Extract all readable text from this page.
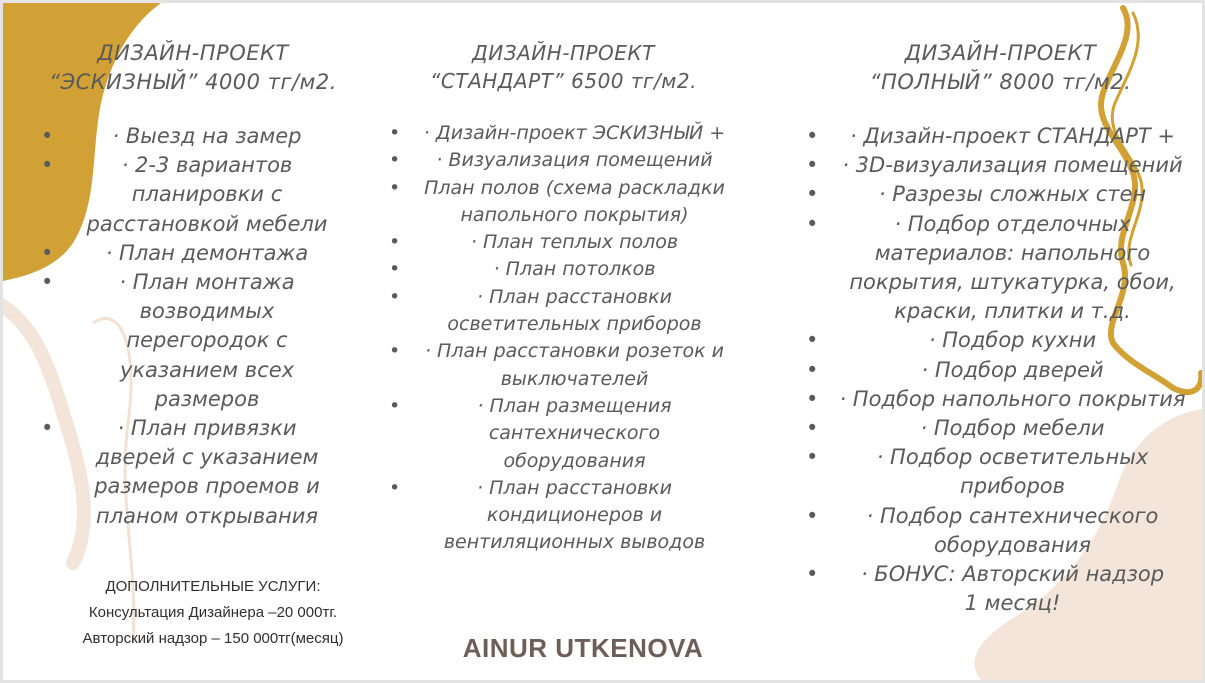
ДИЗАЙН-ПРОЕКТ
“ЭСКИЗНЫЙ” 4000 тг/м2.
• · Выезд на замер
• · 2-3 вариантов
планировки с
расстановкой мебели
• · План демонтажа
• · План монтажа
возводимых
перегородок с
указанием всех
размеров
• · План привязки
дверей с указанием
размеров проемов и
планом открывания
ДИЗАЙН-ПРОЕКТ
“СТАНДАРТ” 6500 тг/м2.
• · Дизайн-проект ЭСКИЗНЫЙ +
• · Визуализация помещений
• План полов (схема раскладки
напольного покрытия)
• · План теплых полов
• · План потолков
• · План расстановки
осветительных приборов
• · План расстановки розеток и
выключателей
• · План размещения
сантехнического
оборудования
• · План расстановки
кондиционеров и
вентиляционных выводов
ДИЗАЙН-ПРОЕКТ
“ПОЛНЫЙ” 8000 тг/м2.
• · Дизайн-проект СТАНДАРТ +
• · 3D-визуализация помещений
• · Разрезы сложных стен
• · Подбор отделочных
материалов: напольного
покрытия, штукатурка, обои,
краски, плитки и т.д.
• · Подбор кухни
• · Подбор дверей
• · Подбор напольного покрытия
• · Подбор мебели
• · Подбор осветительных
приборов
• · Подбор сантехнического
оборудования
• · БОНУС: Авторский надзор
1 месяц!
ДОПОЛНИТЕЛЬНЫЕ УСЛУГИ:
Консультация Дизайнера –20 000тг.
Авторский надзор – 150 000тг(месяц)	AINUR UTKENOVA
